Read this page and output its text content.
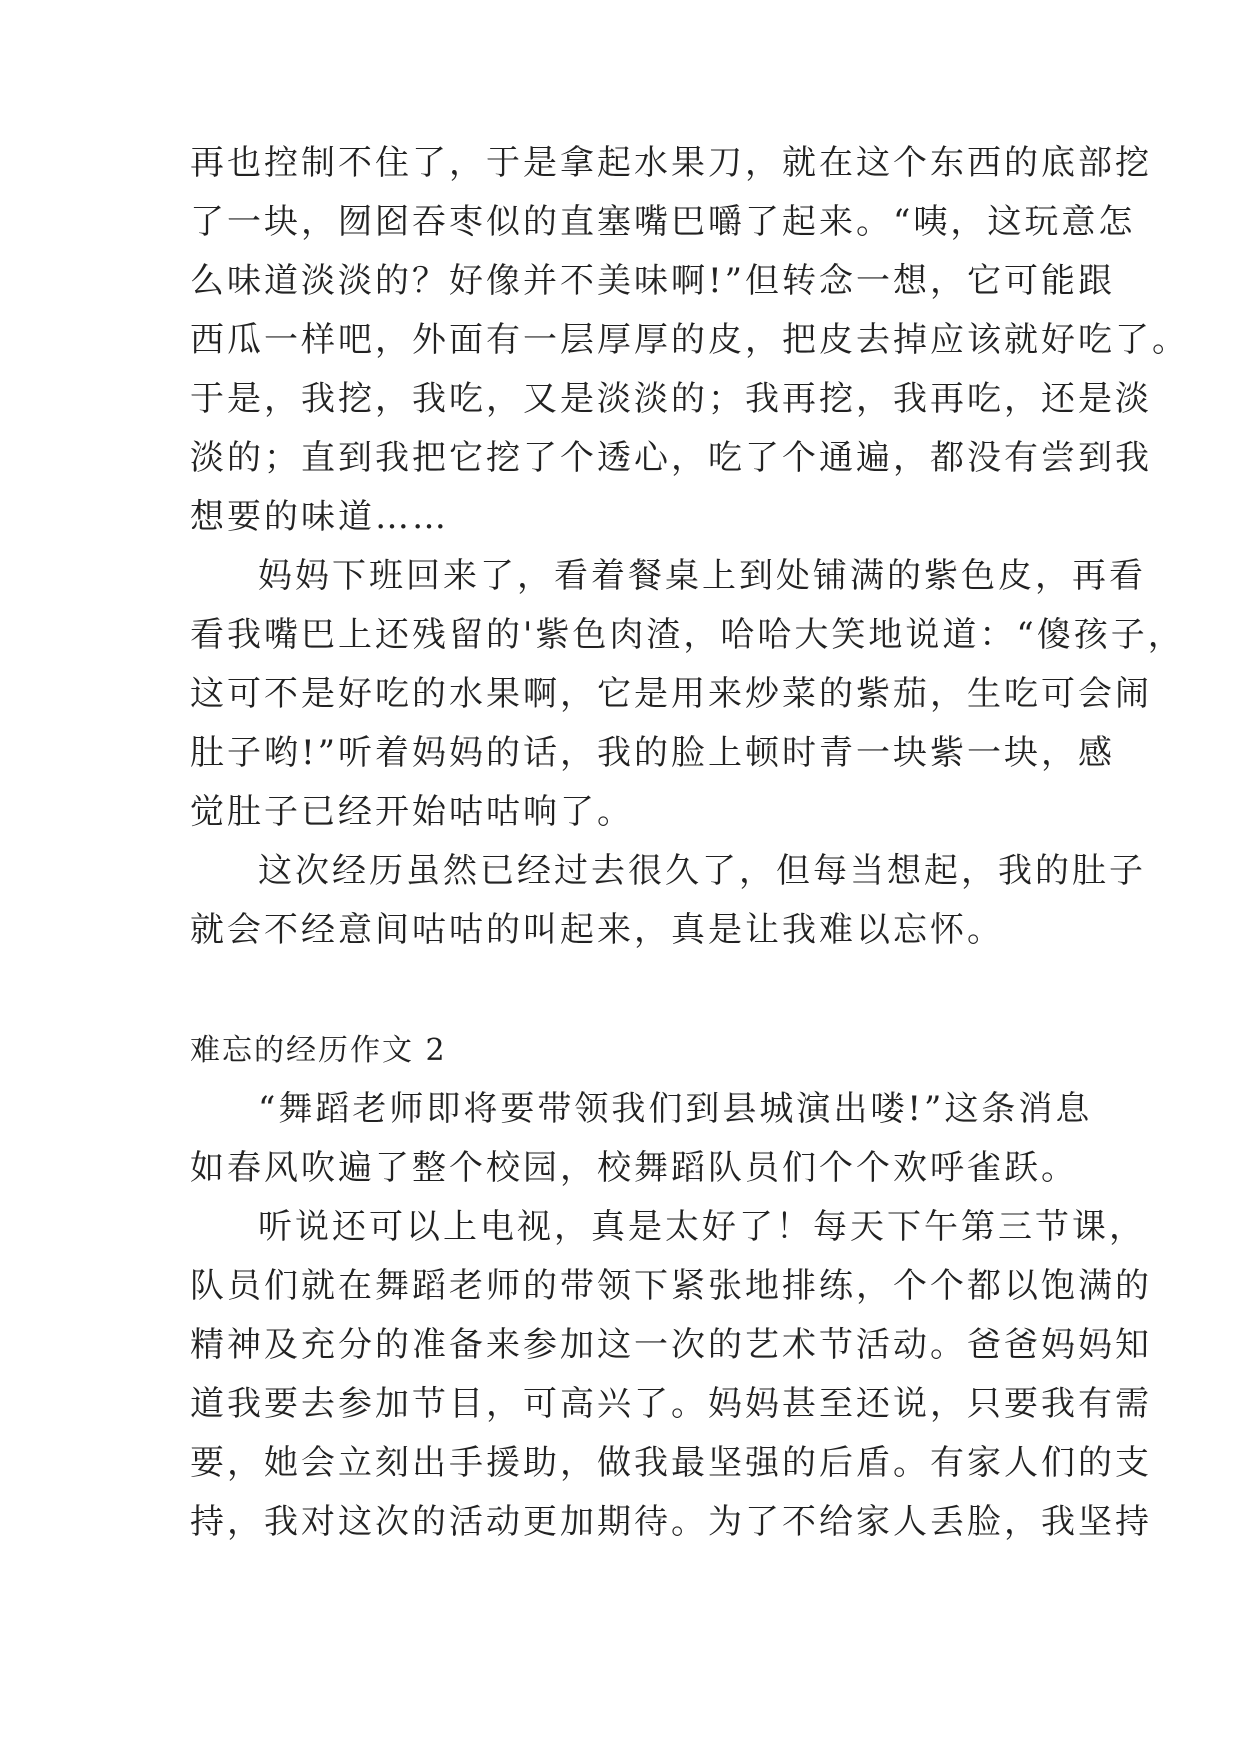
再也控制不住了，于是拿起水果刀，就在这个东西的底部挖
了一块，囫囵吞枣似的直塞嘴巴嚼了起来。“咦，这玩意怎
么味道淡淡的？好像并不美味啊!”但转念一想，它可能跟
西瓜一样吧，外面有一层厚厚的皮，把皮去掉应该就好吃了。
于是，我挖，我吃，又是淡淡的；我再挖，我再吃，还是淡
淡的；直到我把它挖了个透心，吃了个通遍，都没有尝到我
想要的味道……
妈妈下班回来了，看着餐桌上到处铺满的紫色皮，再看
看我嘴巴上还残留的'紫色肉渣，哈哈大笑地说道：“傻孩子，
这可不是好吃的水果啊，它是用来炒菜的紫茄，生吃可会闹
肚子哟!”听着妈妈的话，我的脸上顿时青一块紫一块，感
觉肚子已经开始咕咕响了。
这次经历虽然已经过去很久了，但每当想起，我的肚子
就会不经意间咕咕的叫起来，真是让我难以忘怀。
难忘的经历作文 2
“舞蹈老师即将要带领我们到县城演出喽!”这条消息
如春风吹遍了整个校园，校舞蹈队员们个个欢呼雀跃。
听说还可以上电视，真是太好了！每天下午第三节课，
队员们就在舞蹈老师的带领下紧张地排练，个个都以饱满的
精神及充分的准备来参加这一次的艺术节活动。爸爸妈妈知
道我要去参加节目，可高兴了。妈妈甚至还说，只要我有需
要，她会立刻出手援助，做我最坚强的后盾。有家人们的支
持，我对这次的活动更加期待。为了不给家人丢脸，我坚持
